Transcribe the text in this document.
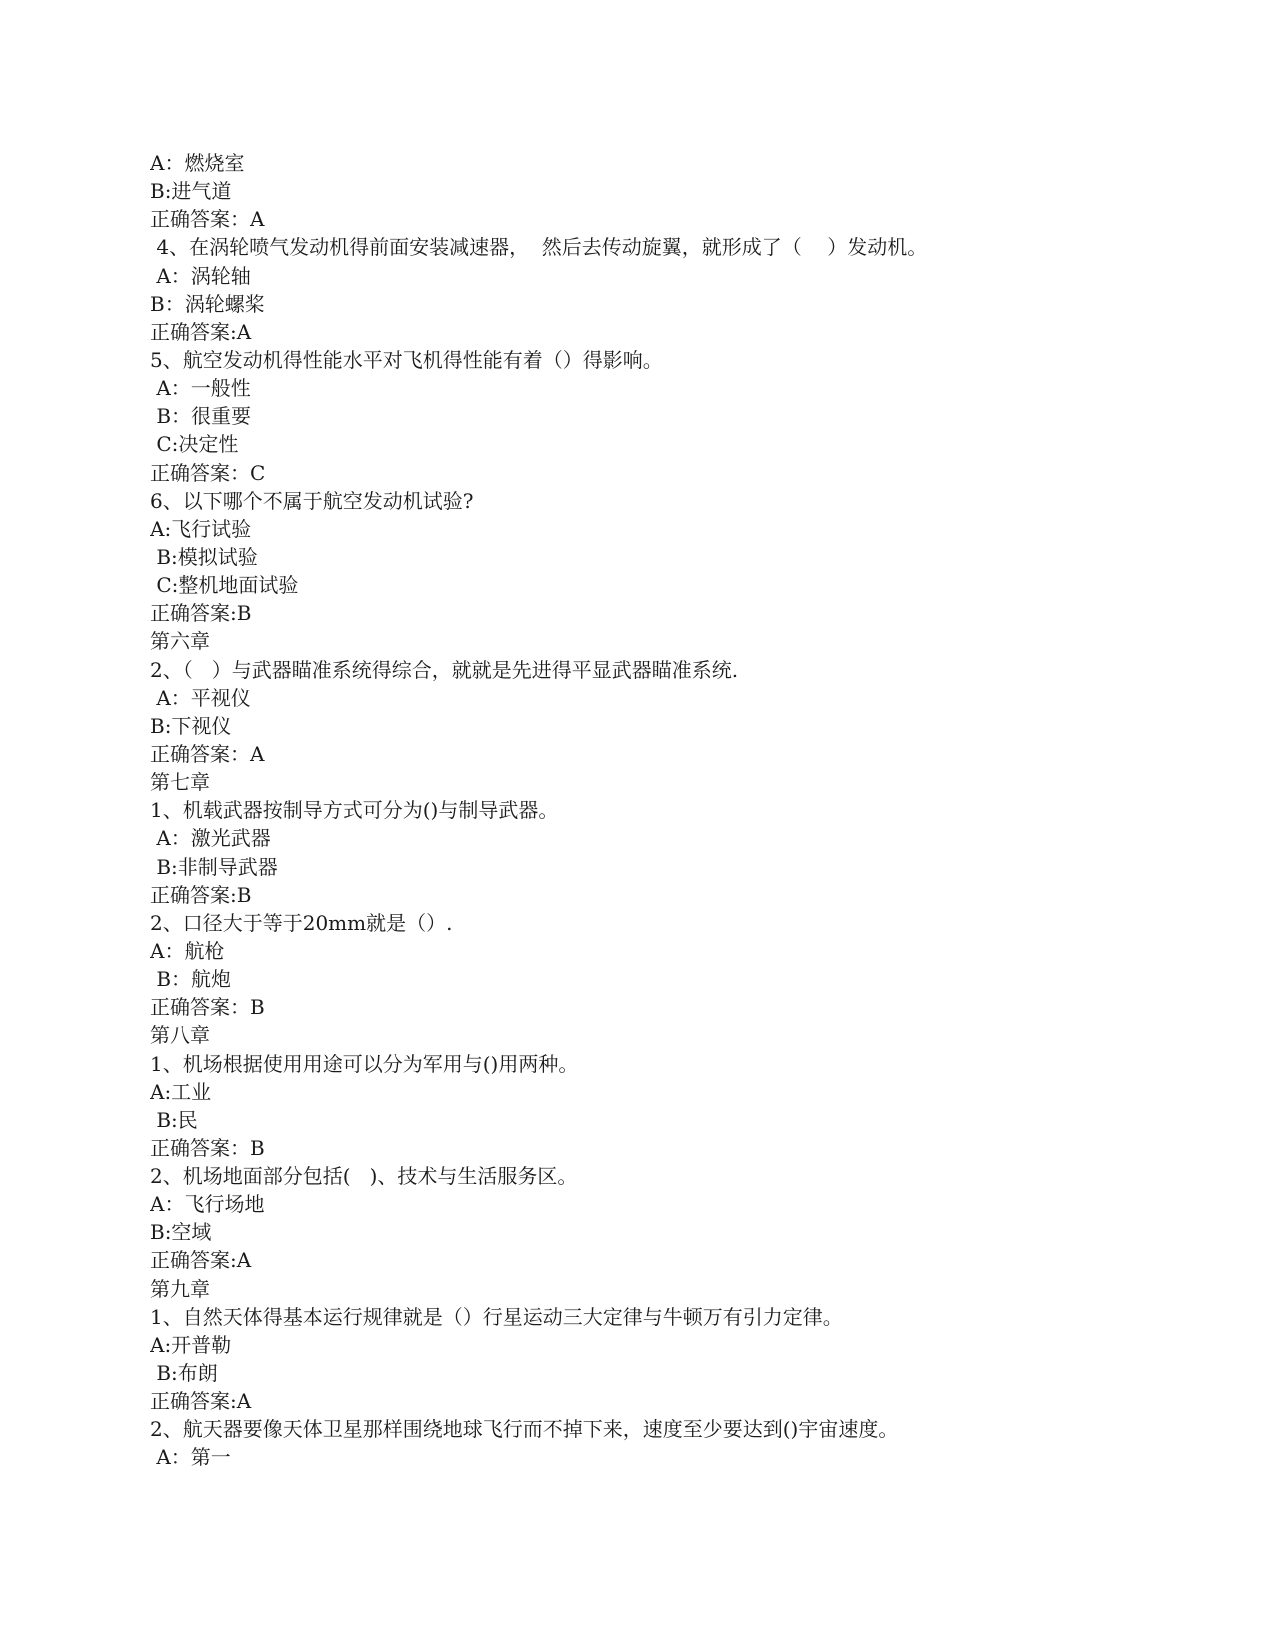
A：燃烧室
B:进气道
正确答案：A
4、在涡轮喷气发动机得前面安装减速器，  然后去传动旋翼，就形成了（    ）发动机。
A：涡轮轴
B：涡轮螺桨
正确答案:A
5、航空发动机得性能水平对飞机得性能有着（）得影响。
A：一般性
B：很重要
C:决定性
正确答案：C
6、以下哪个不属于航空发动机试验?
A:飞行试验
B:模拟试验
C:整机地面试验
正确答案:B
第六章
2、（   ）与武器瞄准系统得综合，就就是先进得平显武器瞄准系统.
A：平视仪
B:下视仪
正确答案：A
第七章
1、机载武器按制导方式可分为()与制导武器。
A：激光武器
B:非制导武器
正确答案:B
2、口径大于等于20mm就是（）.
A：航枪
B：航炮
正确答案：B
第八章
1、机场根据使用用途可以分为军用与()用两种。
A:工业
B:民
正确答案：B
2、机场地面部分包括(   )、技术与生活服务区。
A：飞行场地
B:空域
正确答案:A
第九章
1、自然天体得基本运行规律就是（）行星运动三大定律与牛顿万有引力定律。
A:开普勒
B:布朗
正确答案:A
2、航天器要像天体卫星那样围绕地球飞行而不掉下来，速度至少要达到()宇宙速度。
A：第一
